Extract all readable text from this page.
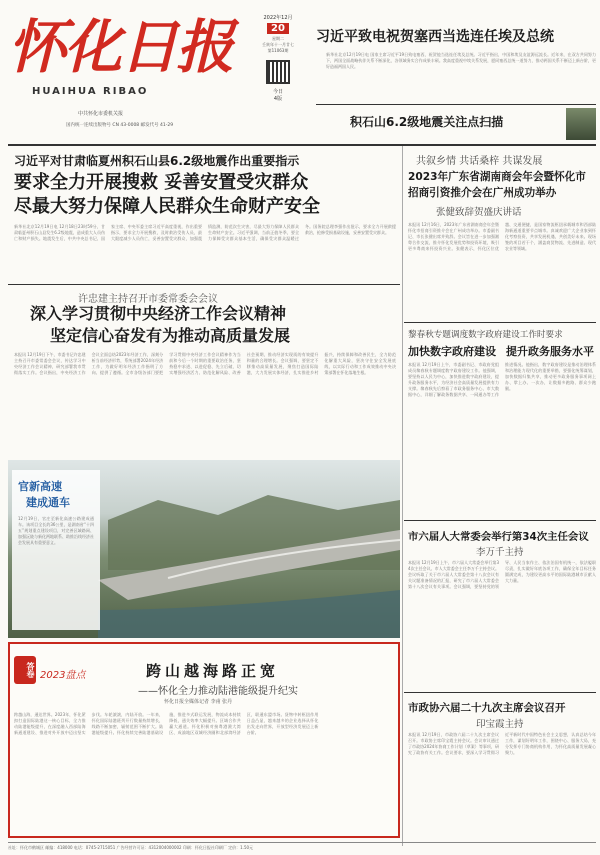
怀化日报
HUAIHUA RIBAO
中共怀化市委机关报
国内统一连续出版物号 CN 43-0008 邮发代号 41-29
2022年12月
20
星期二
壬寅年十一月廿七
第11063期
今日
4版
习近平致电祝贺塞西当选连任埃及总统
新华社北京12月19日电 国家主席习近平19日致电塞西，祝贺他当选连任埃及总统。习近平指出，中国和埃及友谊源远流长。近年来，在双方共同努力下，两国全面战略伙伴关系不断深化，各领域务实合作成果丰硕。我高度重视中埃关系发展，愿同塞西总统一道努力，推动两国关系不断迈上新台阶，更好造福两国人民。
积石山6.2级地震关注点扫描
习近平对甘肃临夏州积石山县6.2级地震作出重要指示
要求全力开展搜救 妥善安置受灾群众
尽最大努力保障人民群众生命财产安全
新华社北京12月19日电 12月18日23时59分，甘肃临夏州积石山县发生6.2级地震，造成重大人员伤亡和财产损失。地震发生后，中共中央总书记、国家主席、中央军委主席习近平高度重视，作出重要指示，要求全力开展搜救，及时救治受伤人员，最大限度减少人员伤亡，妥善安置受灾群众，加强震情监测，防范次生灾害，尽最大努力保障人民群众生命财产安全。习近平强调，当前正值冬季，要全力保障受灾群众基本生活，确保受灾群众温暖过冬。国务院总理李强作出批示，要求全力开展救援救治，抢修受损基础设施，妥善安置受灾群众。
许忠建主持召开市委常委会会议
深入学习贯彻中央经济工作会议精神
坚定信心奋发有为推动高质量发展
本报讯 12月19日下午，市委书记许忠建主持召开市委常委会会议，传达学习中央经济工作会议精神，研究部署我市贯彻落实工作。会议指出，中央经济工作会议全面总结2023年经济工作，深刻分析当前经济形势，系统部署2024年经济工作，为做好明年经济工作指明了方向、提供了遵循。全市各级各部门要把学习贯彻中央经济工作会议精神作为当前和今后一个时期的重要政治任务，坚持稳中求进、以进促稳、先立后破，切实增强经济活力、防范化解风险、改善社会预期，推动经济实现质的有效提升和量的合理增长。会议强调，要坚定不移推动高质量发展，聚焦打造国际陆港，大力发展实体经济，扎实推进乡村振兴，持续保障和改善民生，全力防范化解重大风险，坚决守住安全发展底线，以实际行动和工作成效推动中央决策部署在怀化落地生根。
官新高速
建成通车
12月19日，官庄至新化高速公路建成通车。该项目全长约36公里，是湖南省“十四五”规划重点建设项目，对完善区域路网、加强沅陵与新化两地联系、助推沿线经济社会发展具有重要意义。
共叙乡情 共话桑梓 共谋发展
2023年广东省湖南商会年会暨怀化市
招商引资推介会在广州成功举办
张健致辞贺盛庆讲话
本报讯 12月16日，2023年广东省湖南商会年会暨怀化市招商引资推介会在广州成功举办。市委副书记、市长张健出席并致辞。会议旨在进一步加强湘粤合作交流，推介怀化发展优势和投资环境，吸引更多粤商来怀投资兴业。张健表示，怀化区位优越、交通便捷，是国家物流枢纽承载城市和西部陆海新通道重要节点城市。真诚欢迎广大企业家到怀化考察投资，共享发展机遇，共创美好未来。现场签约项目若干个，涵盖商贸物流、先进制造、现代农业等领域。
黎春秋专题调度数字政府建设工作时要求
加快数字政府建设 提升政务服务水平
本报讯 12月19日上午，市委副书记、市政府党组成员黎春秋专题调度数字政府建设工作。他强调，要坚持以人民为中心，加快推进数字政府建设，提升政务服务水平，为经济社会高质量发展提供有力支撑。黎春秋先后察看了市政务服务中心、市大数据中心，详细了解政务数据共享、一网通办等工作推进情况。他指出，数字政府建设是推动治理体系和治理能力现代化的重要举措，要强化统筹谋划，加快数据归集共享，推动更多政务服务事项网上办、掌上办、一次办，让数据多跑路、群众少跑腿。
市六届人大常委会举行第34次主任会议
李万千主持
本报讯 12月19日上午，市六届人大常委会举行第34次主任会议。市人大常委会主任李万千主持会议。会议听取了关于市六届人大常委会第十八次会议有关议题准备情况的汇报，研究了市六届人大常委会第十八次会议有关事项。会议强调，要坚持党的领导、人民当家作主、依法治国有机统一，依法履职尽责，扎实做好年底各项工作，确保全年目标任务圆满完成，为建设更高水平的国际陆港城市贡献人大力量。
市政协六届二十九次主席会议召开
印宝霞主持
本报讯 12月19日，市政协六届二十九次主席会议召开。市政协主席印宝霞主持会议。会议审议通过了市政协2024年协商工作计划（草案）等事项，研究了政协有关工作。会议要求，要深入学习贯彻习近平新时代中国特色社会主义思想，认真总结今年工作，谋划好明年工作，围绕中心、服务大局，充分发挥专门协商机构作用，为怀化高质量发展凝心聚力。
答卷 2023盘点	跨山越海路正宽
——怀化全力推动陆港能级提升纪实
怀化日报全媒体记者 李甫 张丹
跨越山海，通达世界。2023年，怀化紧扣打造国际陆港这一核心目标，全力推动陆港能级提升，在深度融入西部陆海新通道建设、推进对外开放中迈出坚实步伐。车轮滚滚，内陆开放。一年来，怀化国际陆港班列开行数量持续增长，线路不断加密，辐射范围不断扩大。陆港能级提升。怀化持续完善陆港基础设施，推进多式联运发展，物流成本持续降低，通关效率大幅提升。区域合作共赢大通道。怀化积极对接粤港澳大湾区、成渝地区双城经济圈和北部湾经济区，联通东盟市场。货物中转枢纽作用日益凸显，越来越多的企业选择从怀化出发走向世界，开放型经济发展迈上新台阶。
社址：怀化市鹤城区 邮编：418000 电话：0745-2715051 广告经营许可证：4312004000002 印刷：怀化日报社印刷厂 定价：1.50元
